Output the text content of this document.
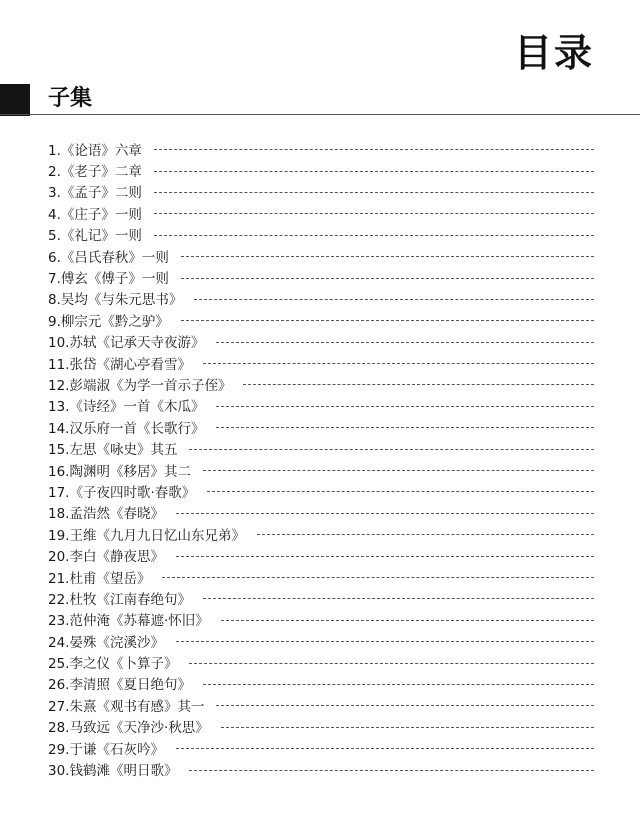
目录
子集
1.《论语》六章
2.《老子》二章
3.《孟子》二则
4.《庄子》一则
5.《礼记》一则
6.《吕氏春秋》一则
7.傅玄《傅子》一则
8.吴均《与朱元思书》
9.柳宗元《黔之驴》
10.苏轼《记承天寺夜游》
11.张岱《湖心亭看雪》
12.彭端淑《为学一首示子侄》
13.《诗经》一首《木瓜》
14.汉乐府一首《长歌行》
15.左思《咏史》其五
16.陶渊明《移居》其二
17.《子夜四时歌·春歌》
18.孟浩然《春晓》
19.王维《九月九日忆山东兄弟》
20.李白《静夜思》
21.杜甫《望岳》
22.杜牧《江南春绝句》
23.范仲淹《苏幕遮·怀旧》
24.晏殊《浣溪沙》
25.李之仪《卜算子》
26.李清照《夏日绝句》
27.朱熹《观书有感》其一
28.马致远《天净沙·秋思》
29.于谦《石灰吟》
30.钱鹤滩《明日歌》
